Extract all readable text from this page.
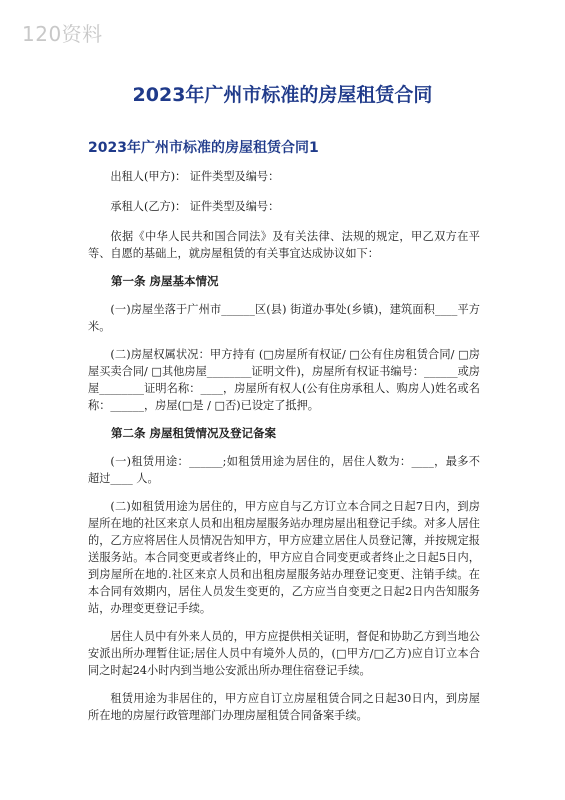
120资料
2023年广州市标准的房屋租赁合同
2023年广州市标准的房屋租赁合同1

出租人(甲方)： 证件类型及编号：

承租人(乙方)： 证件类型及编号：

依据《中华人民共和国合同法》及有关法律、法规的规定，甲乙双方在平等、自愿的基础上，就房屋租赁的有关事宜达成协议如下：

第一条 房屋基本情况

(一)房屋坐落于广州市______区(县) 街道办事处(乡镇)，建筑面积____平方米。

(二)房屋权属状况：甲方持有 (□房屋所有权证/ □公有住房租赁合同/ □房屋买卖合同/ □其他房屋________证明文件)，房屋所有权证书编号：______或房屋________证明名称：____，房屋所有权人(公有住房承租人、购房人)姓名或名称：______，房屋(□是 / □否)已设定了抵押。

第二条 房屋租赁情况及登记备案

(一)租赁用途：______;如租赁用途为居住的，居住人数为：____，最多不超过____ 人。

(二)如租赁用途为居住的，甲方应自与乙方订立本合同之日起7日内，到房屋所在地的社区来京人员和出租房屋服务站办理房屋出租登记手续。对多人居住的，乙方应将居住人员情况告知甲方，甲方应建立居住人员登记簿，并按规定报送服务站。本合同变更或者终止的，甲方应自合同变更或者终止之日起5日内，到房屋所在地的.社区来京人员和出租房屋服务站办理登记变更、注销手续。在本合同有效期内，居住人员发生变更的，乙方应当自变更之日起2日内告知服务站，办理变更登记手续。

居住人员中有外来人员的，甲方应提供相关证明，督促和协助乙方到当地公安派出所办理暂住证;居住人员中有境外人员的，(□甲方/□乙方)应自订立本合同之时起24小时内到当地公安派出所办理住宿登记手续。

租赁用途为非居住的，甲方应自订立房屋租赁合同之日起30日内，到房屋所在地的房屋行政管理部门办理房屋租赁合同备案手续。
